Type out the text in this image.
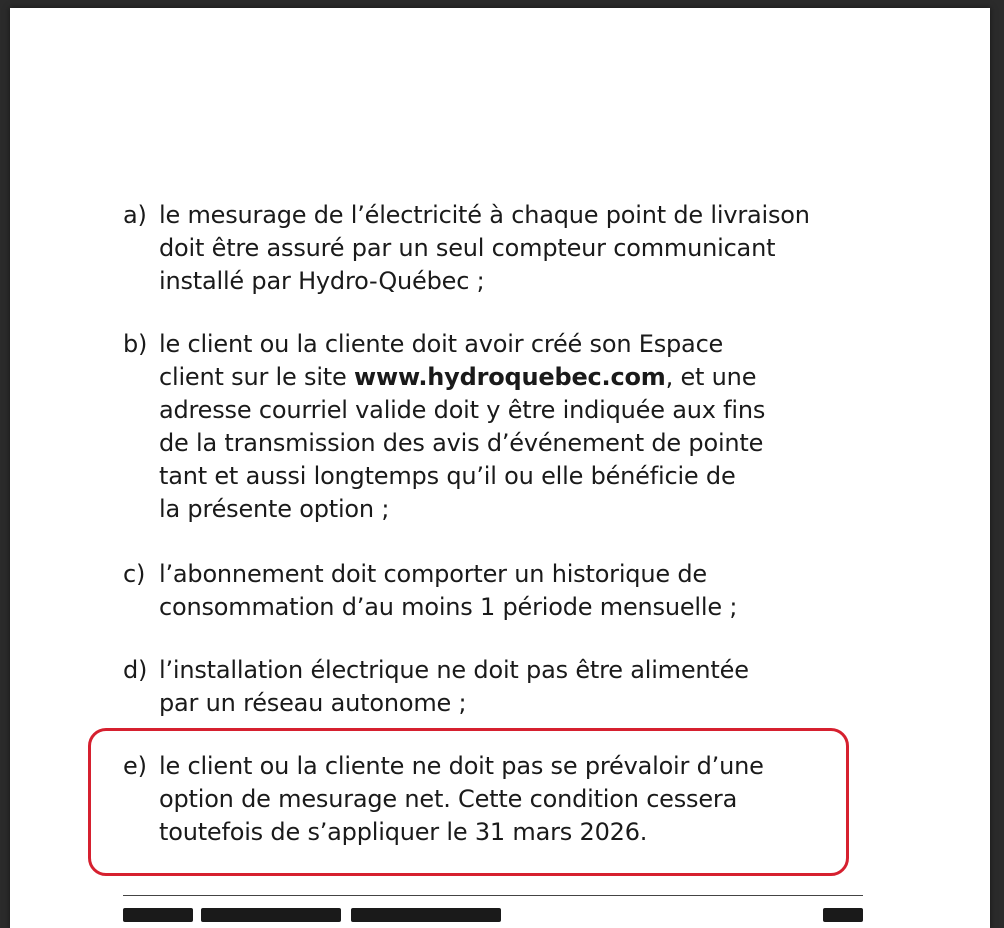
a) le mesurage de l’électricité à chaque point de livraison
doit être assuré par un seul compteur communicant
installé par Hydro-Québec ;
b) le client ou la cliente doit avoir créé son Espace
client sur le site www.hydroquebec.com, et une
adresse courriel valide doit y être indiquée aux fins
de la transmission des avis d’événement de pointe
tant et aussi longtemps qu’il ou elle bénéficie de
la présente option ;
c) l’abonnement doit comporter un historique de
consommation d’au moins 1 période mensuelle ;
d) l’installation électrique ne doit pas être alimentée
par un réseau autonome ;
e) le client ou la cliente ne doit pas se prévaloir d’une
option de mesurage net. Cette condition cessera
toutefois de s’appliquer le 31 mars 2026.
